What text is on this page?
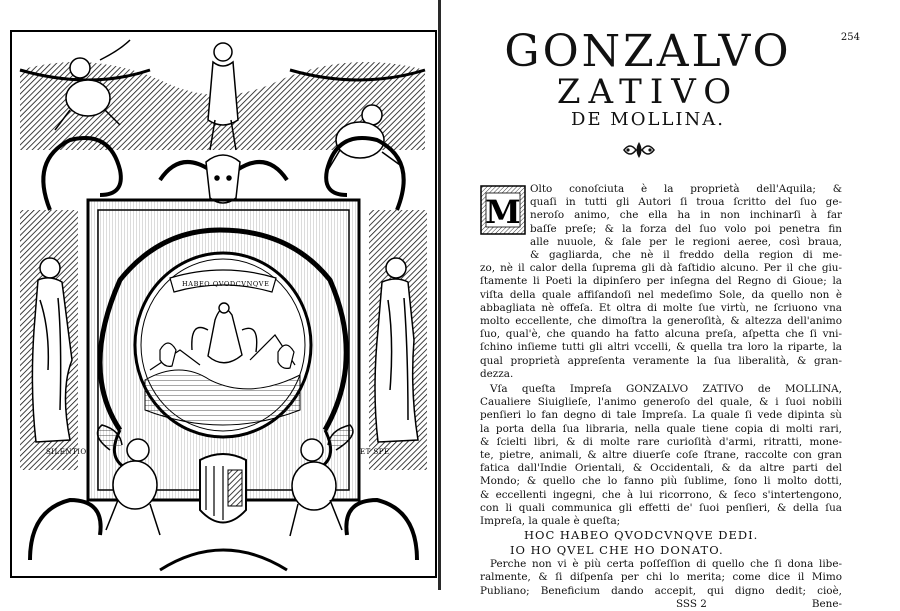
SILENTIO	ET SPE
HABEO QVODCVNQVE
254
GONZALVO
ZATIVO
DE MOLLINA.
M
Olto conoſciuta è la proprietà dell'Aquila; &
quaſi in tutti gli Autori ſi troua ſcritto del ſuo ge-
neroſo animo, che ella ha in non inchinarſi à far
baſſe preſe; & la forza del ſuo volo poi penetra fin
alle nuuole, & ſale per le regioni aeree, così braua,
& gagliarda, che nè il freddo della region di me-
zo, nè il calor della ſuprema gli dà faſtidio alcuno. Per il che giu-
ſtamente li Poeti la dipinſero per inſegna del Regno di Gioue; la
viſta della quale affiſandoſi nel medeſimo Sole, da quello non è
abbagliata nè offeſa. Et oltra di molte ſue virtù, ne ſcriuono vna
molto eccellente, che dimoſtra la generoſità, & altezza dell'animo
ſuo, qual'è, che quando ha fatto alcuna preſa, aſpetta che ſi vni-
ſchino inſieme tutti gli altri vccelli, & quella tra loro la riparte, la
qual proprietà appreſenta veramente la ſua liberalità, & gran-
dezza.
Vſa queſta Impreſa GONZALVO ZATIVO de MOLLINA,
Caualiere Siuiglieſe, l'animo generoſo del quale, & i ſuoi nobili
penſieri lo fan degno di tale Impreſa. La quale ſi vede dipinta sù
la porta della ſua libraria, nella quale tiene copia di molti rari,
& ſcielti libri, & di molte rare curioſità d'armi, ritratti, mone-
te, pietre, animali, & altre diuerſe coſe ſtrane, raccolte con gran
fatica dall'Indie Orientali, & Occidentali, & da altre parti del
Mondo; & quello che lo fanno più ſublime, ſono li molto dotti,
& eccellenti ingegni, che à lui ricorrono, & ſeco s'intertengono,
con li quali communica gli effetti de' ſuoi penſieri, & della ſua
Impreſa, la quale è queſta;
HOC HABEO QVODCVNQVE DEDI.
IO HO QVEL CHE HO DONATO.
Perche non vi è più certa poſſeſſion di quello che ſi dona libe-
ralmente, & ſi diſpenſa per chi lo merita; come dice il Mimo
Publiano; Beneficium dando accepit, qui digno dedit; cioè,
SSS 2	Bene-
